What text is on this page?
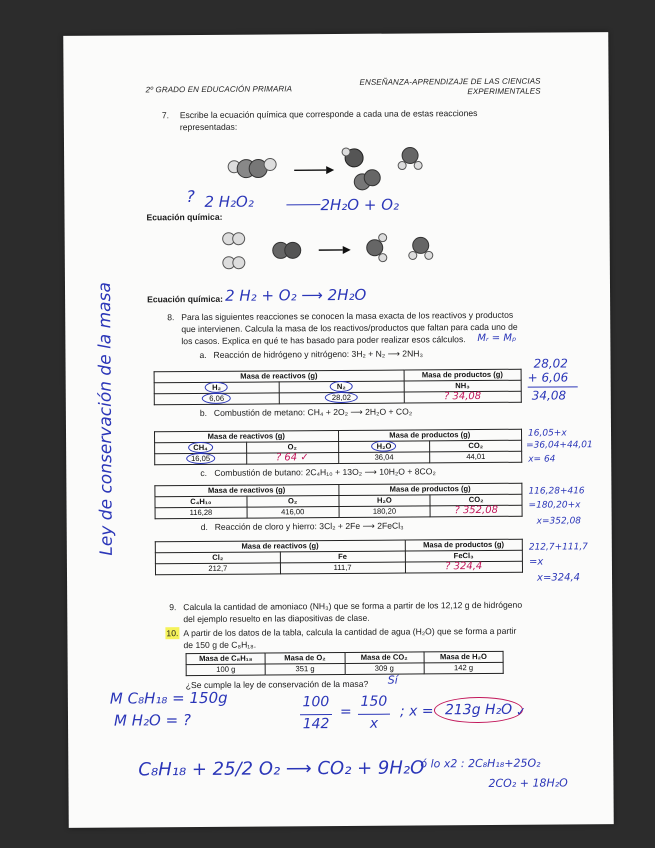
2º GRADO EN EDUCACIÓN PRIMARIA
ENSEÑANZA-APRENDIZAJE DE LAS CIENCIAS
EXPERIMENTALES
7. Escribe la ecuación química que corresponde a cada una de estas reacciones
representadas:
? 2 H₂O₂	2H₂O + O₂
Ecuación química:
Ecuación química: 2 H₂ + O₂ ⟶ 2H₂O
8. Para las siguientes reacciones se conocen la masa exacta de los reactivos y productos
que intervienen. Calcula la masa de los reactivos/productos que faltan para cada uno de
los casos. Explica en qué te has basado para poder realizar esos cálculos. Mᵣ = Mₚ
Ley de conservación de la masa	a. Reacción de hidrógeno y nitrógeno: 3H₂ + N₂ ⟶ 2NH₃
Masa de reactivos (g)		Masa de productos (g)
H₂	N₂	NH₃
6,06	28,02	? 34,08
28,02
+ 6,06
34,08
b. Combustión de metano: CH₄ + 2O₂ ⟶ 2H₂O + CO₂
Masa de reactivos (g)		Masa de productos (g)	
CH₄	O₂	H₂O	CO₂
16,05	? 64 ✓	36,04	44,01
16,05+x
=36,04+44,01
x= 64
c. Combustión de butano: 2C₄H₁₀ + 13O₂ ⟶ 10H₂O + 8CO₂
Masa de reactivos (g)		Masa de productos (g)	
C₄H₁₀	O₂	H₂O	CO₂
116,28	416,00	180,20	? 352,08
116,28+416
=180,20+x
x=352,08
d. Reacción de cloro y hierro: 3Cl₂ + 2Fe ⟶ 2FeCl₃
Masa de reactivos (g)		Masa de productos (g)
Cl₂	Fe	FeCl₃
212,7	111,7	? 324,4
212,7+111,7
=x
x=324,4
9. Calcula la cantidad de amoniaco (NH₃) que se forma a partir de los 12,12 g de hidrógeno
del ejemplo resuelto en las diapositivas de clase.
10. A partir de los datos de la tabla, calcula la cantidad de agua (H₂O) que se forma a partir
de 150 g de C₈H₁₈.
Masa de C₈H₁₈	Masa de O₂	Masa de CO₂	Masa de H₂O
100 g	351 g	309 g	142 g
¿Se cumple la ley de conservación de la masa? Sí
M C₈H₁₈ = 150g
M H₂O = ?
100
142
=
150
x
; x = 213g H₂O ✓
C₈H₁₈ + 25/2 O₂ ⟶ CO₂ + 9H₂O
ó lo x2 : 2C₈H₁₈+25O₂
2CO₂ + 18H₂O
